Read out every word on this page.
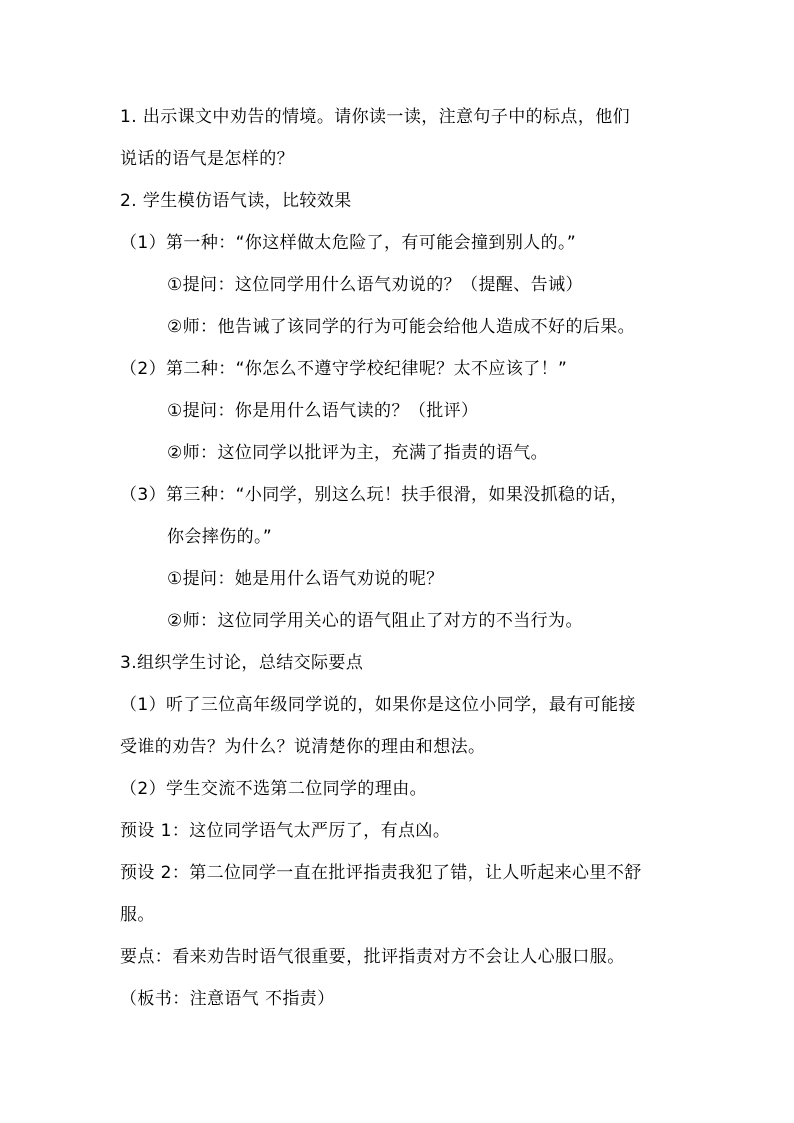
1. 出示课文中劝告的情境。请你读一读，注意句子中的标点，他们
说话的语气是怎样的？
2. 学生模仿语气读，比较效果
（1）第一种：“你这样做太危险了，有可能会撞到别人的。”
①提问：这位同学用什么语气劝说的？（提醒、告诫）
②师：他告诫了该同学的行为可能会给他人造成不好的后果。
（2）第二种：“你怎么不遵守学校纪律呢？太不应该了！”
①提问：你是用什么语气读的？（批评）
②师：这位同学以批评为主，充满了指责的语气。
（3）第三种：“小同学，别这么玩！扶手很滑，如果没抓稳的话，
你会摔伤的。”
①提问：她是用什么语气劝说的呢？
②师：这位同学用关心的语气阻止了对方的不当行为。
3.组织学生讨论，总结交际要点
（1）听了三位高年级同学说的，如果你是这位小同学，最有可能接
受谁的劝告？为什么？说清楚你的理由和想法。
（2）学生交流不选第二位同学的理由。
预设 1：这位同学语气太严厉了，有点凶。
预设 2：第二位同学一直在批评指责我犯了错，让人听起来心里不舒
服。
要点：看来劝告时语气很重要，批评指责对方不会让人心服口服。
（板书：注意语气 不指责）
